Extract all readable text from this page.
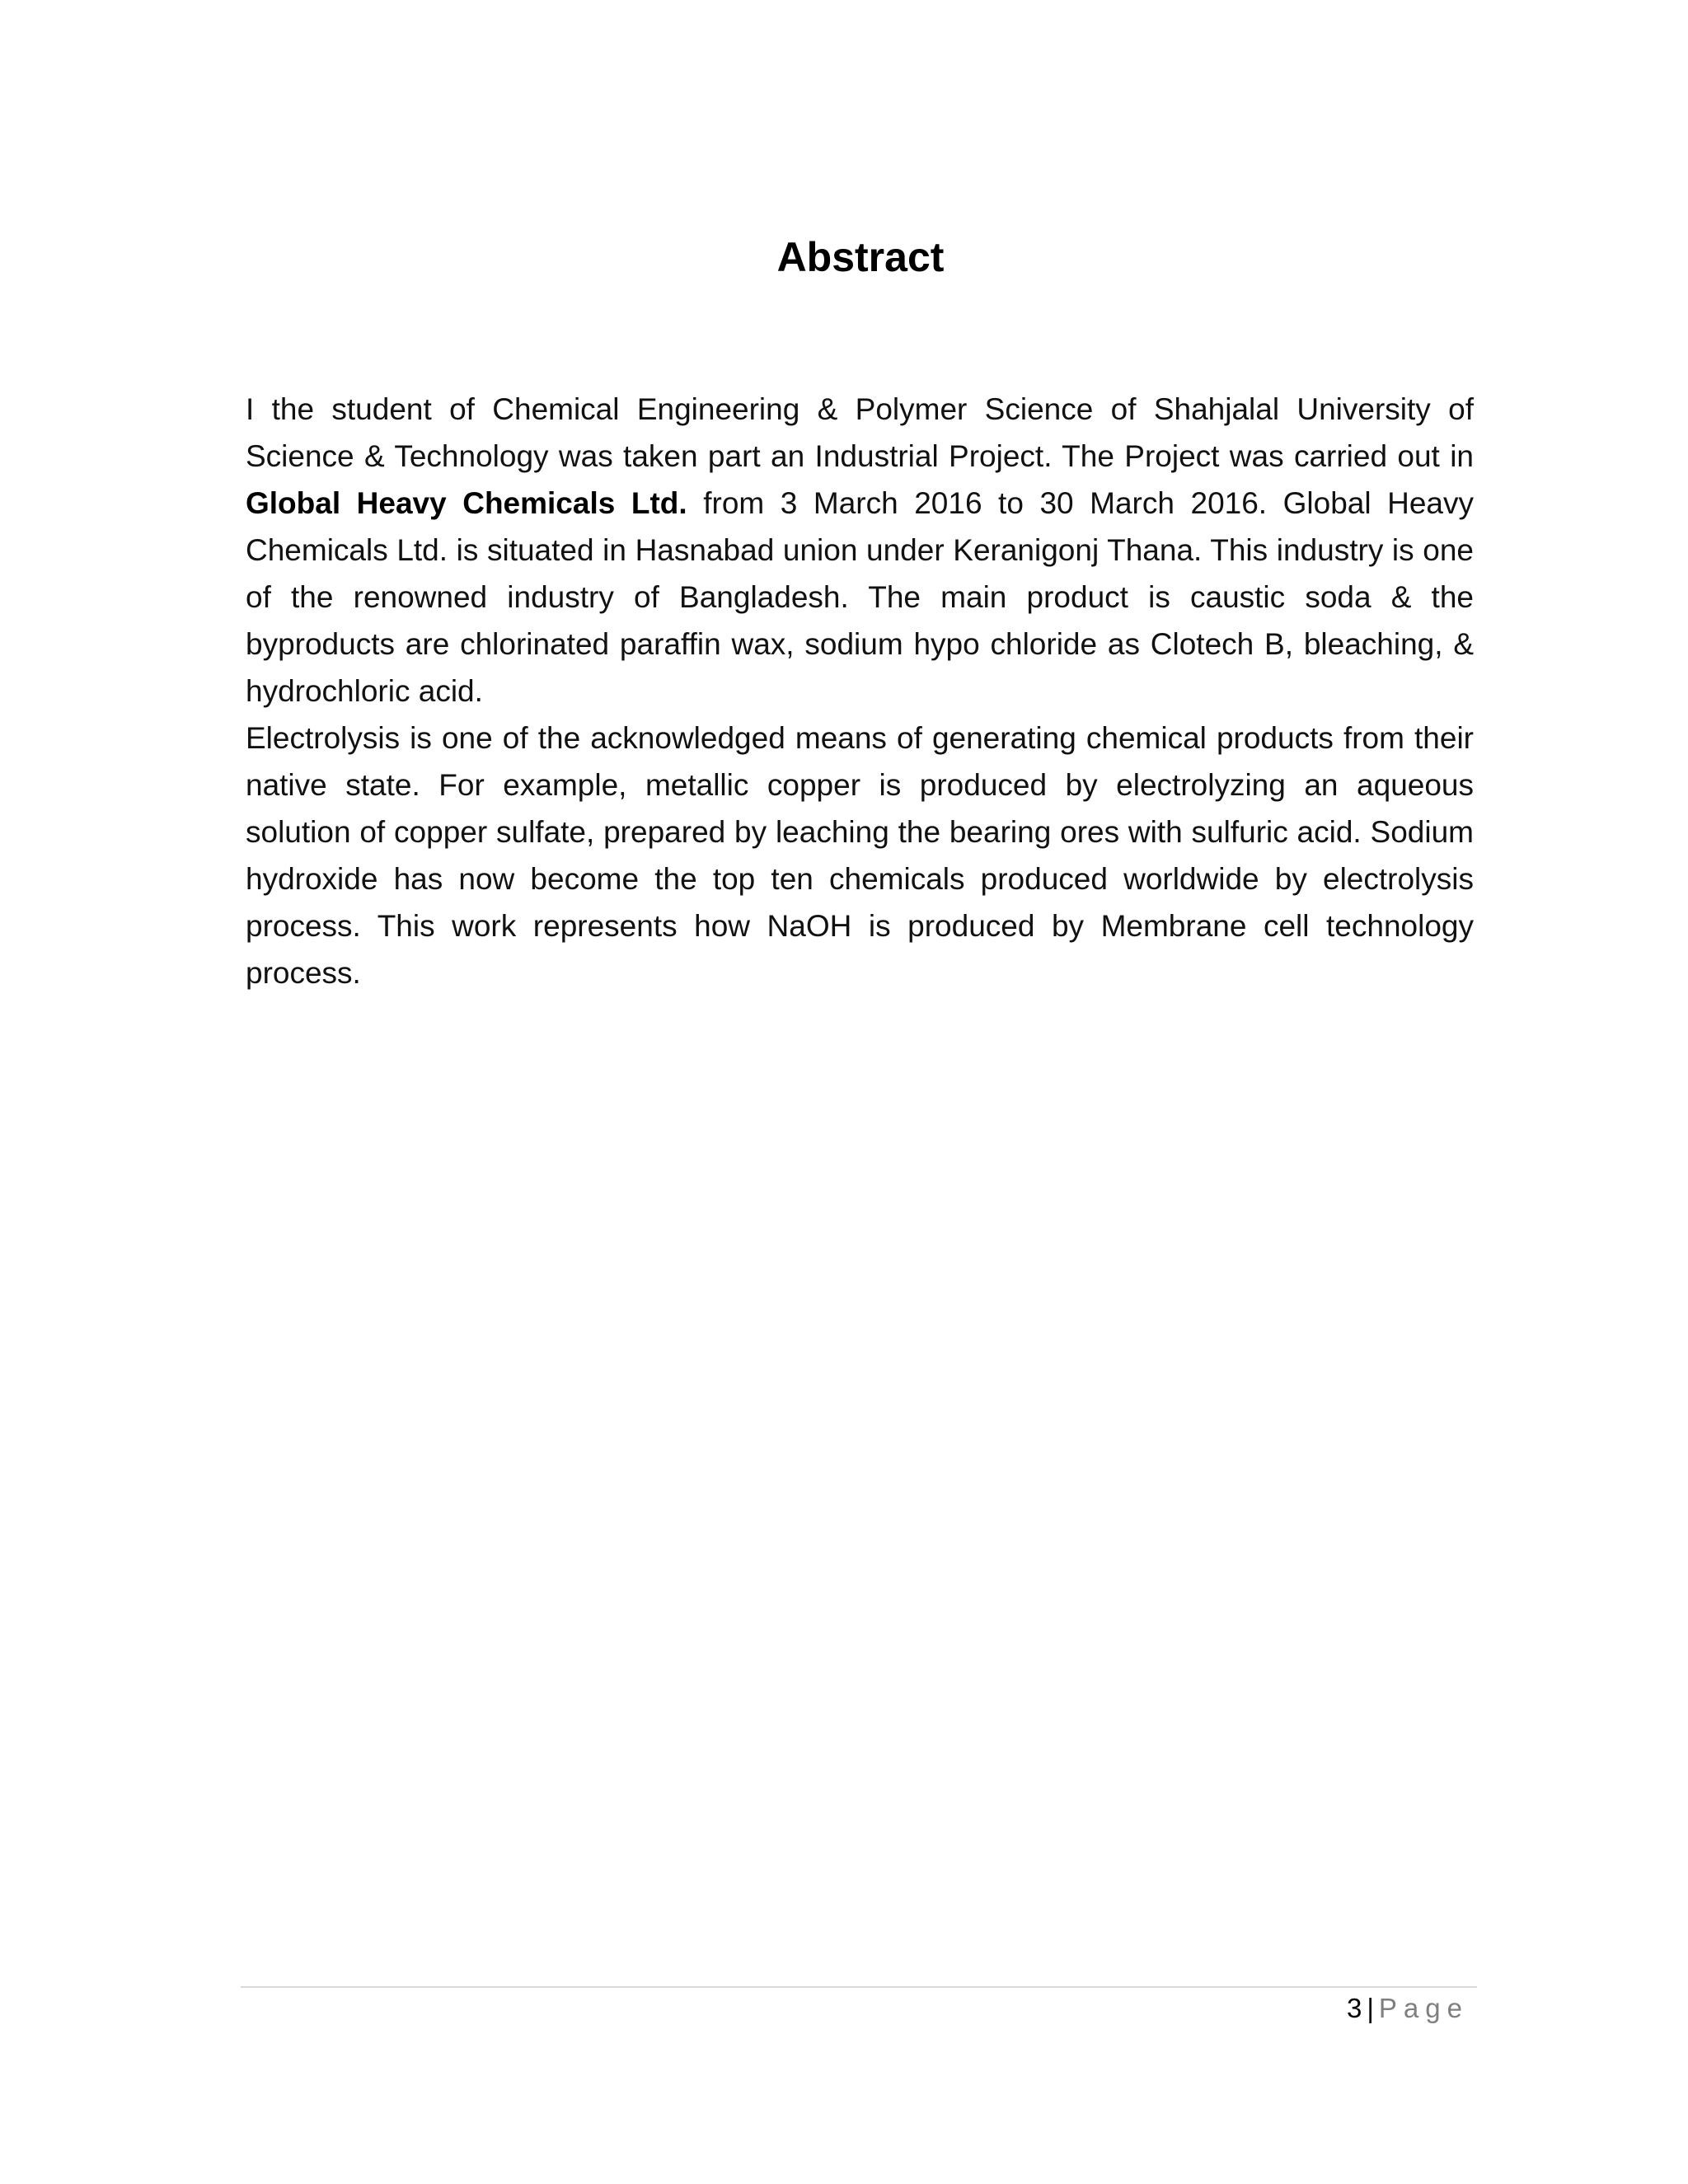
Abstract

I the student of Chemical Engineering & Polymer Science of Shahjalal University of Science & Technology was taken part an Industrial Project. The Project was carried out in Global Heavy Chemicals Ltd. from 3 March 2016 to 30 March 2016. Global Heavy Chemicals Ltd. is situated in Hasnabad union under Keranigonj Thana. This industry is one of the renowned industry of Bangladesh. The main product is caustic soda & the byproducts are chlorinated paraffin wax, sodium hypo chloride as Clotech B, bleaching, & hydrochloric acid.

Electrolysis is one of the acknowledged means of generating chemical products from their native state. For example, metallic copper is produced by electrolyzing an aqueous solution of copper sulfate, prepared by leaching the bearing ores with sulfuric acid. Sodium hydroxide has now become the top ten chemicals produced worldwide by electrolysis process. This work represents how NaOH is produced by Membrane cell technology process.

3 | Page
